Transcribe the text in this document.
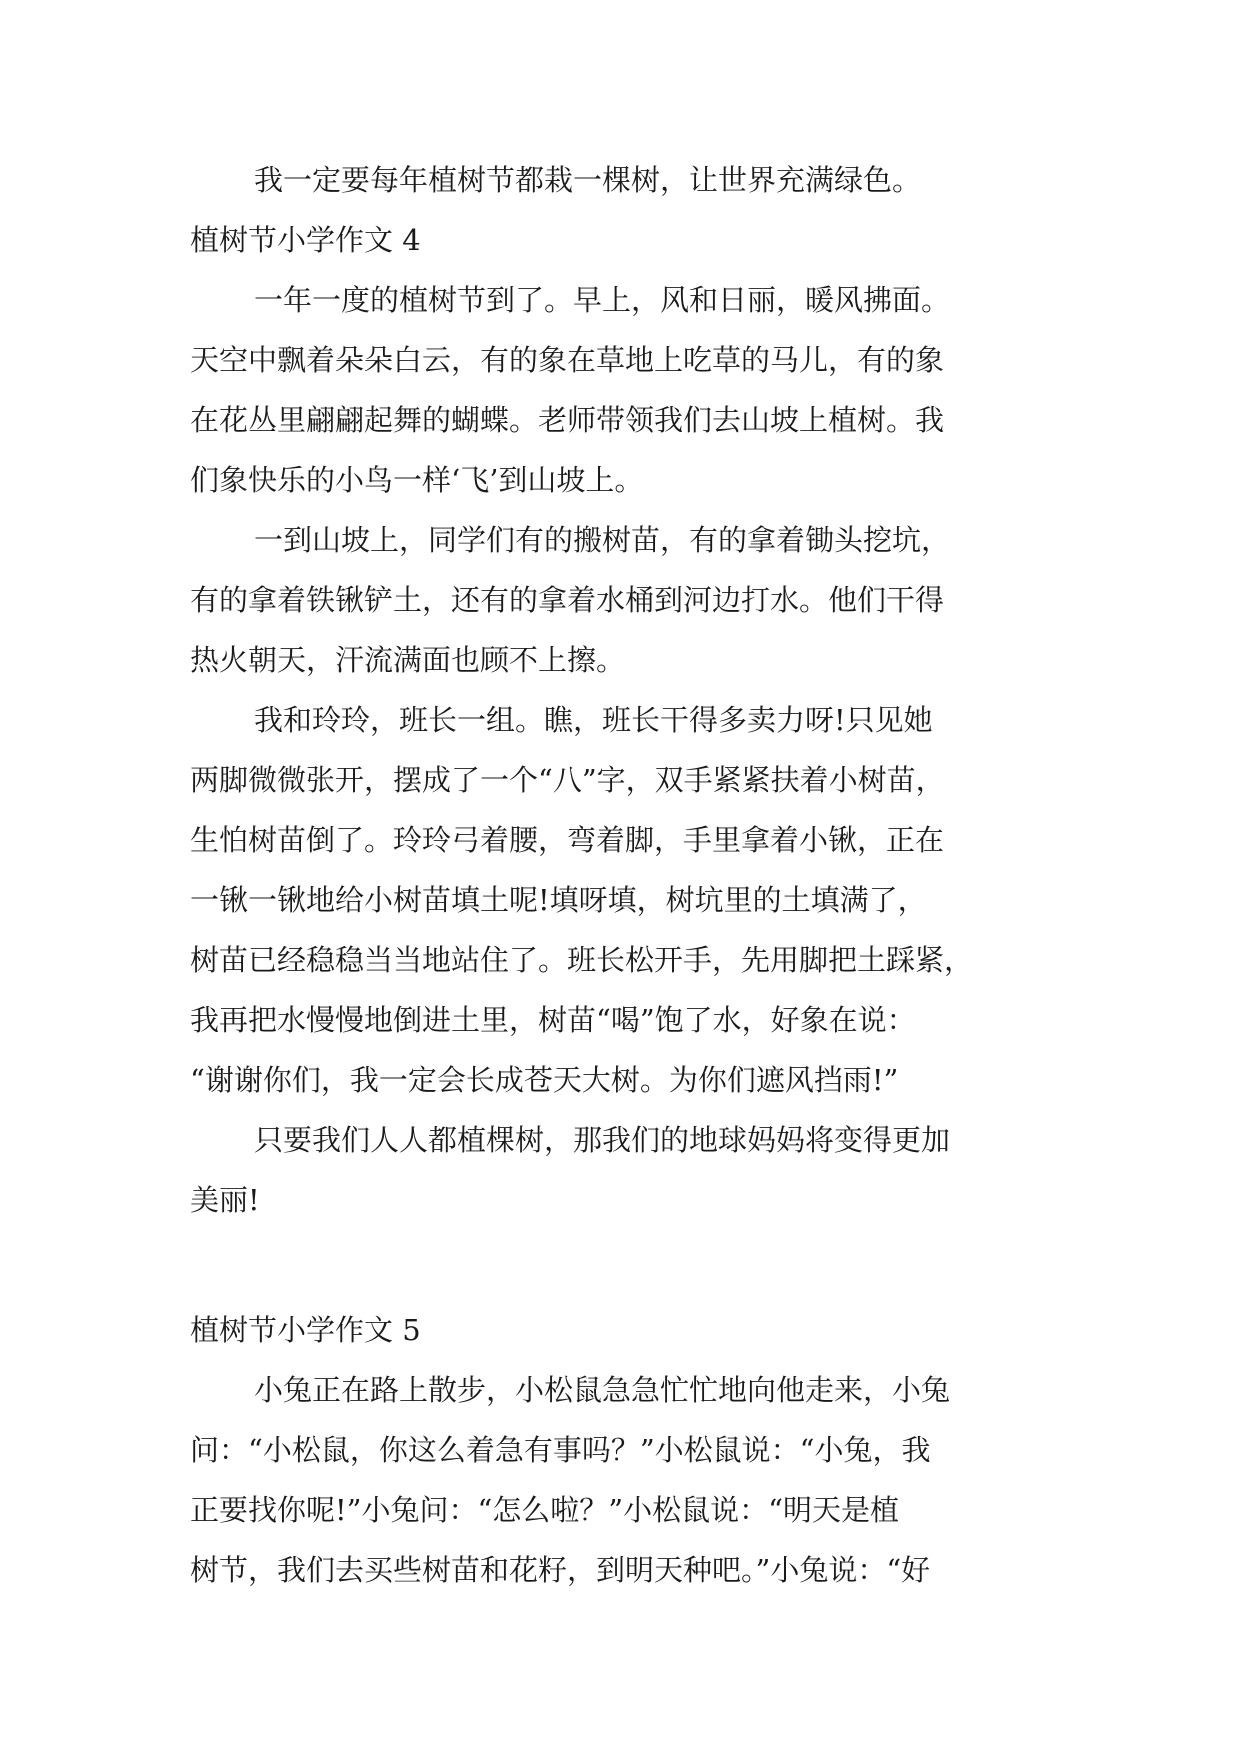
我一定要每年植树节都栽一棵树，让世界充满绿色。
植树节小学作文 4
一年一度的植树节到了。早上，风和日丽，暖风拂面。
天空中飘着朵朵白云，有的象在草地上吃草的马儿，有的象
在花丛里翩翩起舞的蝴蝶。老师带领我们去山坡上植树。我
们象快乐的小鸟一样‘飞’到山坡上。
一到山坡上，同学们有的搬树苗，有的拿着锄头挖坑，
有的拿着铁锹铲土，还有的拿着水桶到河边打水。他们干得
热火朝天，汗流满面也顾不上擦。
我和玲玲，班长一组。瞧，班长干得多卖力呀!只见她
两脚微微张开，摆成了一个“八”字，双手紧紧扶着小树苗，
生怕树苗倒了。玲玲弓着腰，弯着脚，手里拿着小锹，正在
一锹一锹地给小树苗填土呢!填呀填，树坑里的土填满了，
树苗已经稳稳当当地站住了。班长松开手，先用脚把土踩紧，
我再把水慢慢地倒进土里，树苗“喝”饱了水，好象在说：
“谢谢你们，我一定会长成苍天大树。为你们遮风挡雨!”
只要我们人人都植棵树，那我们的地球妈妈将变得更加
美丽!
植树节小学作文 5
小兔正在路上散步，小松鼠急急忙忙地向他走来，小兔
问：“小松鼠，你这么着急有事吗？”小松鼠说：“小兔，我
正要找你呢!”小兔问：“怎么啦？”小松鼠说：“明天是植
树节，我们去买些树苗和花籽，到明天种吧。”小兔说：“好
